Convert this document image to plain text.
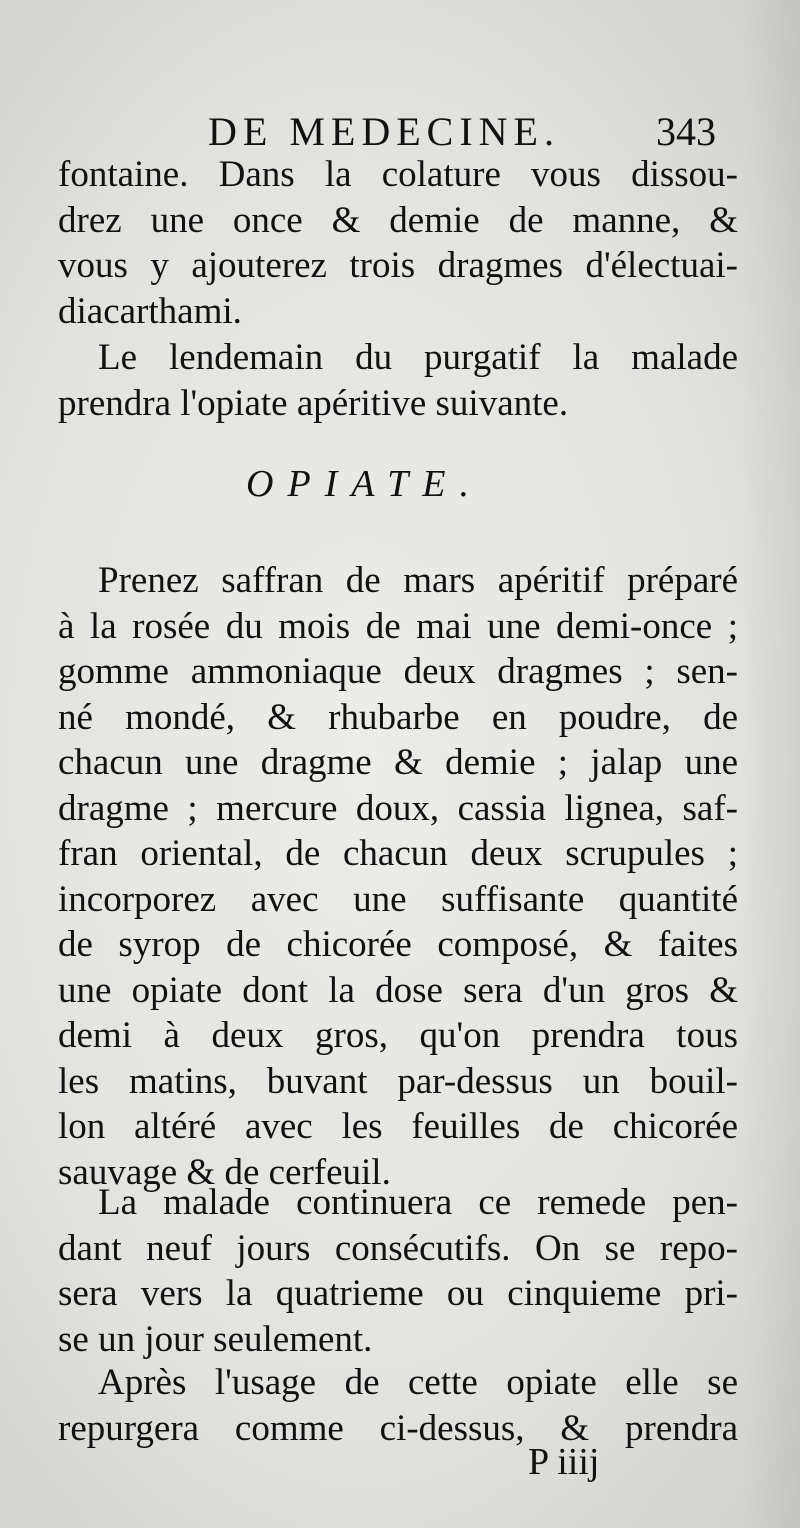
DE MEDECINE. 343
fontaine. Dans la colature vous dissou-
drez une once & demie de manne, &
vous y ajouterez trois dragmes d'électuai-
diacarthami.
Le lendemain du purgatif la malade
prendra l'opiate apéritive suivante.
OPIATE.
Prenez saffran de mars apéritif préparé
à la rosée du mois de mai une demi-once ;
gomme ammoniaque deux dragmes ; sen-
né mondé, & rhubarbe en poudre, de
chacun une dragme & demie ; jalap une
dragme ; mercure doux, cassia lignea, saf-
fran oriental, de chacun deux scrupules ;
incorporez avec une suffisante quantité
de syrop de chicorée composé, & faites
une opiate dont la dose sera d'un gros &
demi à deux gros, qu'on prendra tous
les matins, buvant par-dessus un bouil-
lon altéré avec les feuilles de chicorée
sauvage & de cerfeuil.
La malade continuera ce remede pen-
dant neuf jours consécutifs. On se repo-
sera vers la quatrieme ou cinquieme pri-
se un jour seulement.
Après l'usage de cette opiate elle se
repurgera comme ci-dessus, & prendra
P iiij
